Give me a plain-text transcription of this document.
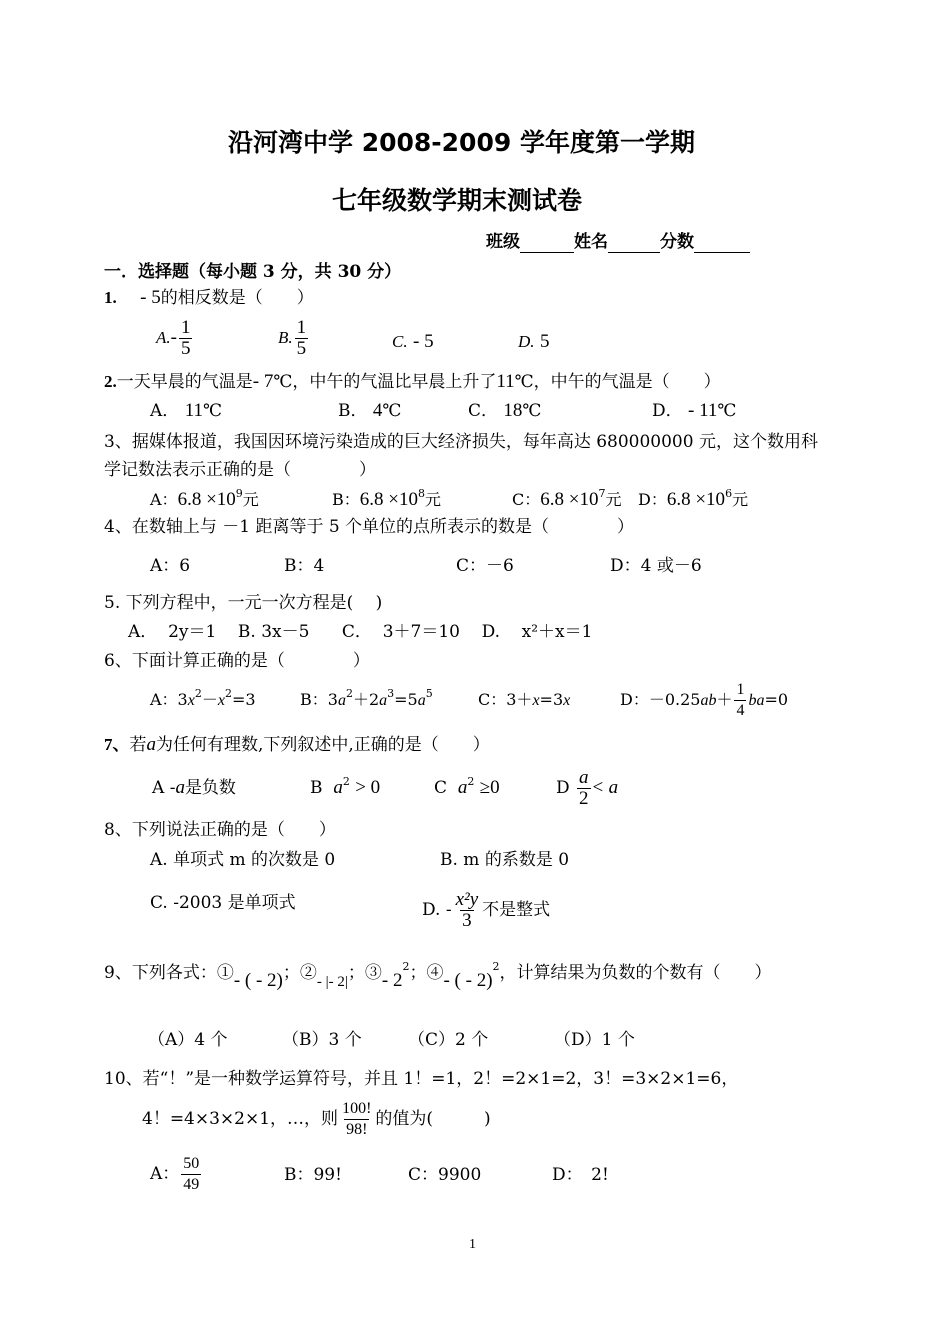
沿河湾中学 2008-2009 学年度第一学期
七年级数学期末测试卷
班级	姓名	分数
一．选择题（每小题 3 分，共 30 分）
1. - 5的相反数是（　　）
$A.- \frac{1}{5}$	B. $\frac{1}{5}$	C. - 5	D. 5
2.一天早晨的气温是- 7℃，中午的气温比早晨上升了11℃，中午的气温是（　　）
A． 11℃	B． 4℃	C． 18℃	D． - 11℃
3、据媒体报道，我国因环境污染造成的巨大经济损失，每年高达 680000000 元，这个数用科
学记数法表示正确的是（　　　　）
A：$6.8 \times 10^9$元	B：$6.8 \times 10^8$元	C：$6.8 \times 10^7$元 D：$6.8 \times 10^6$元
4、在数轴上与 －1 距离等于 5 个单位的点所表示的数是（　　　　）
A：6	B：4	C：－6	D：4 或－6
5. 下列方程中，一元一次方程是(　 )
A．  2y＝1    B. 3x－5      C．  3＋7＝10    D.    x²＋x＝1
6、下面计算正确的是（　　　　）
A：$3x^2-x^2=3$	B：$3a^2+2a^3=5a^5$	C：3＋x=3x	D：$-0.25ab+ \frac{1}{4} ba=0$
7、若a为任何有理数,下列叙述中,正确的是（　　）
A -a是负数	B $a^2 > 0$	C $a^2 \ge 0$	D $\frac{a}{2} < a$
8、下列说法正确的是（　　）
A. 单项式 m 的次数是 0	B. m 的系数是 0
C. -2003 是单项式	D. - $\frac{\text{x²y}}{3}$ 不是整式
9、下列各式：①- ( - 2)；②- |- 2|；③- $2^2$；④- ( - 2)$^2$，计算结果为负数的个数有（　　）
（A）4 个	（B）3 个	（C）2 个	（D）1 个
10、若“！”是一种数学运算符号，并且 1！=1，2！=2×1=2，3！=3×2×1=6，
4！=4×3×2×1，…，则 $\frac{100!}{98!}$ 的值为(　　　)
A： $\frac{50}{49}$	B：99!	C：9900	D：　2!
1
